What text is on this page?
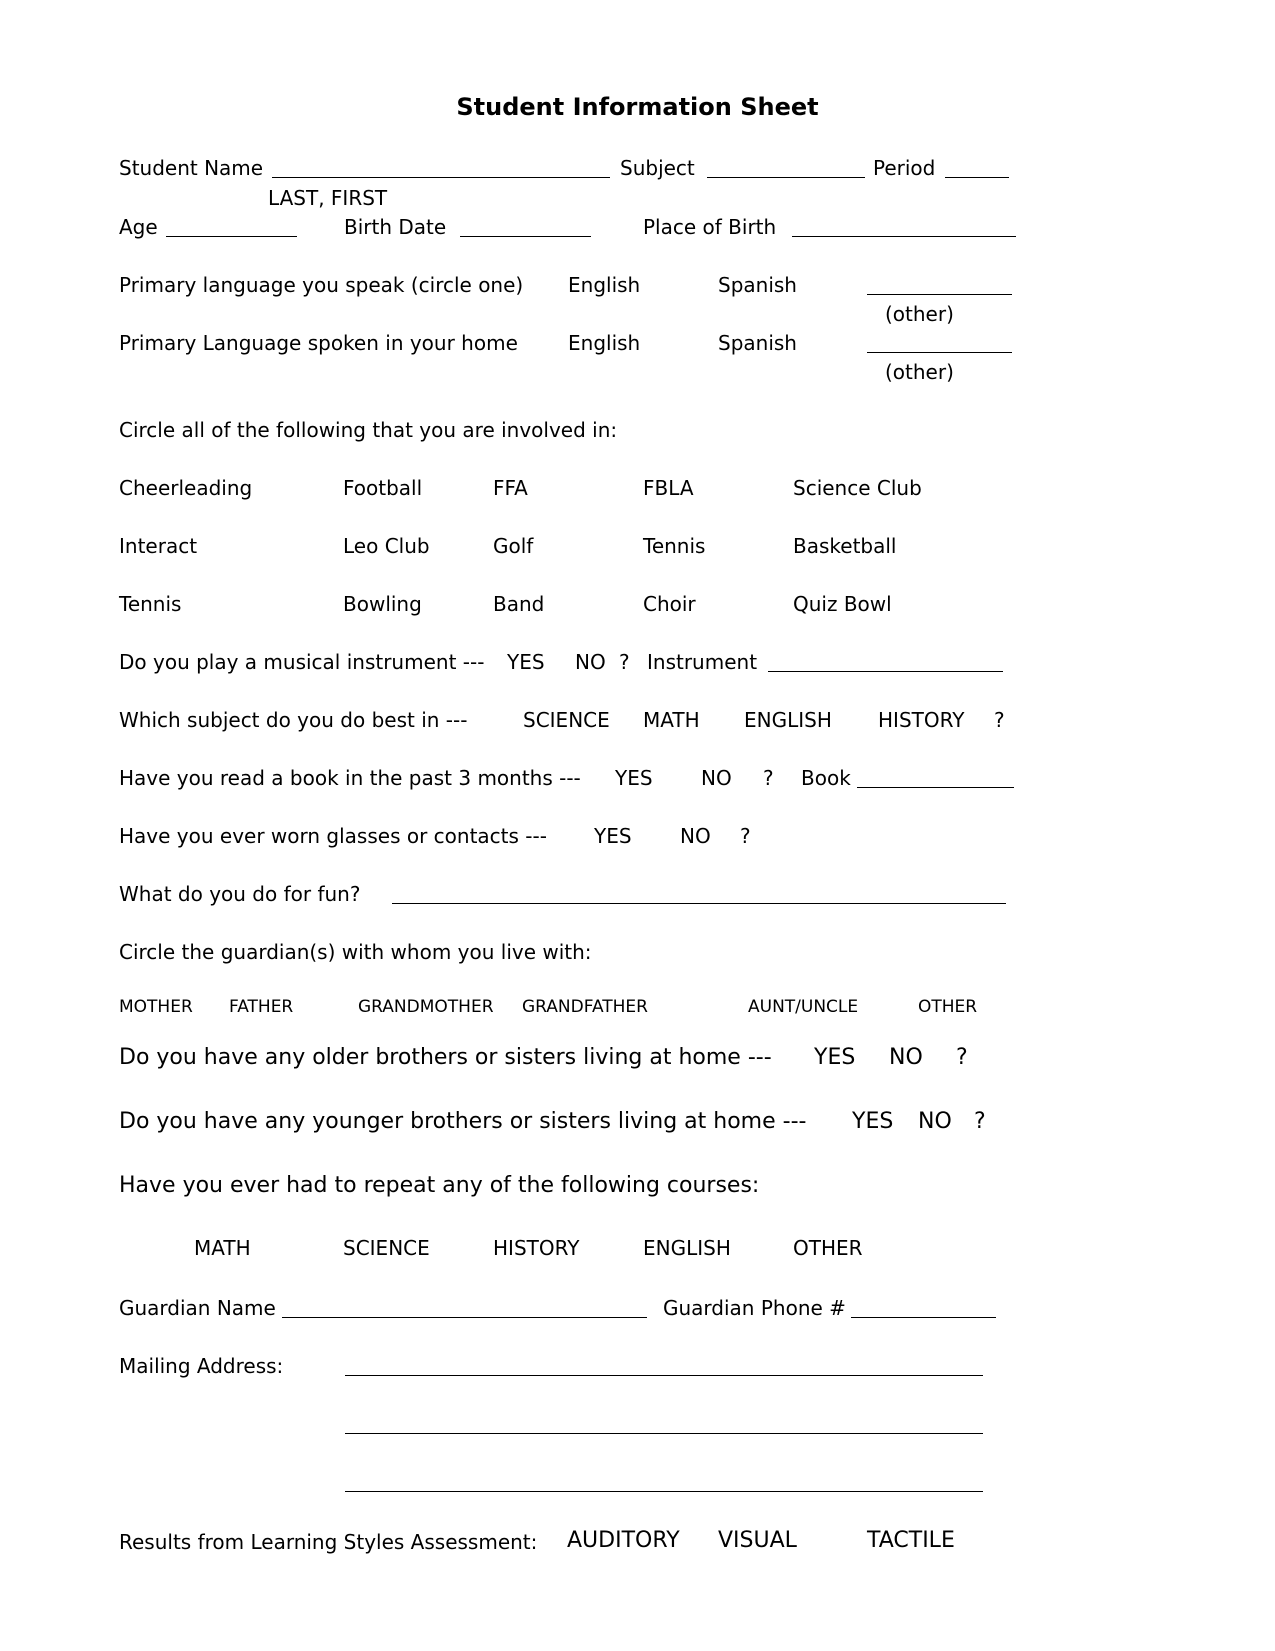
Student Information Sheet
Student Name	Subject	Period
LAST, FIRST
Age	Birth Date	Place of Birth
Primary language you speak (circle one) English	Spanish
(other)
Primary Language spoken in your home	English	Spanish
(other)
Circle all of the following that you are involved in:
Cheerleading	Football	FFA	FBLA	Science Club
Interact	Leo Club	Golf	Tennis	Basketball
Tennis	Bowling	Band	Choir	Quiz Bowl
Do you play a musical instrument --- YES NO ? Instrument
Which subject do you do best in ---	SCIENCE MATH ENGLISH HISTORY ?
Have you read a book in the past 3 months --- YES NO ? Book
Have you ever worn glasses or contacts --- YES NO ?
What do you do for fun?
Circle the guardian(s) with whom you live with:
MOTHER FATHER	GRANDMOTHER GRANDFATHER	AUNT/UNCLE	OTHER
Do you have any older brothers or sisters living at home --- YES NO ?
Do you have any younger brothers or sisters living at home --- YES NO ?
Have you ever had to repeat any of the following courses:
MATH	SCIENCE	HISTORY	ENGLISH	OTHER
Guardian Name	Guardian Phone #
Mailing Address:
Results from Learning Styles Assessment: AUDITORY VISUAL	TACTILE
